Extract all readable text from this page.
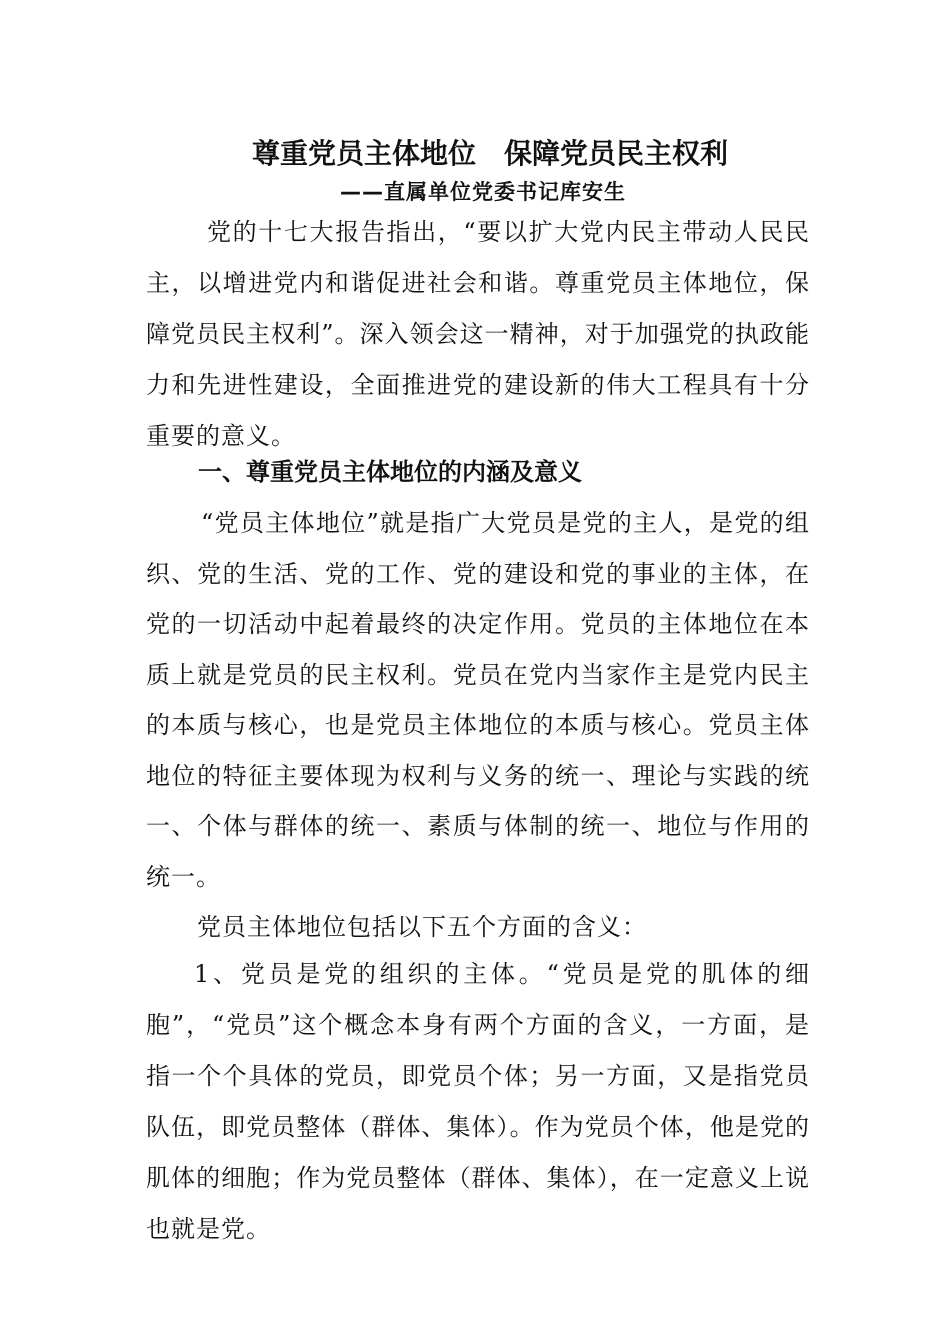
尊重党员主体地位　保障党员民主权利
——直属单位党委书记库安生
党的十七大报告指出，“要以扩大党内民主带动人民民主，以增进党内和谐促进社会和谐。尊重党员主体地位，保障党员民主权利”。深入领会这一精神，对于加强党的执政能力和先进性建设，全面推进党的建设新的伟大工程具有十分重要的意义。
一、尊重党员主体地位的内涵及意义
“党员主体地位”就是指广大党员是党的主人，是党的组织、党的生活、党的工作、党的建设和党的事业的主体，在党的一切活动中起着最终的决定作用。党员的主体地位在本质上就是党员的民主权利。党员在党内当家作主是党内民主的本质与核心，也是党员主体地位的本质与核心。党员主体地位的特征主要体现为权利与义务的统一、理论与实践的统一、个体与群体的统一、素质与体制的统一、地位与作用的统一。
党员主体地位包括以下五个方面的含义：
1、党员是党的组织的主体。“党员是党的肌体的细胞”，“党员”这个概念本身有两个方面的含义，一方面，是指一个个具体的党员，即党员个体；另一方面，又是指党员队伍，即党员整体（群体、集体）。作为党员个体，他是党的肌体的细胞；作为党员整体（群体、集体），在一定意义上说也就是党。
